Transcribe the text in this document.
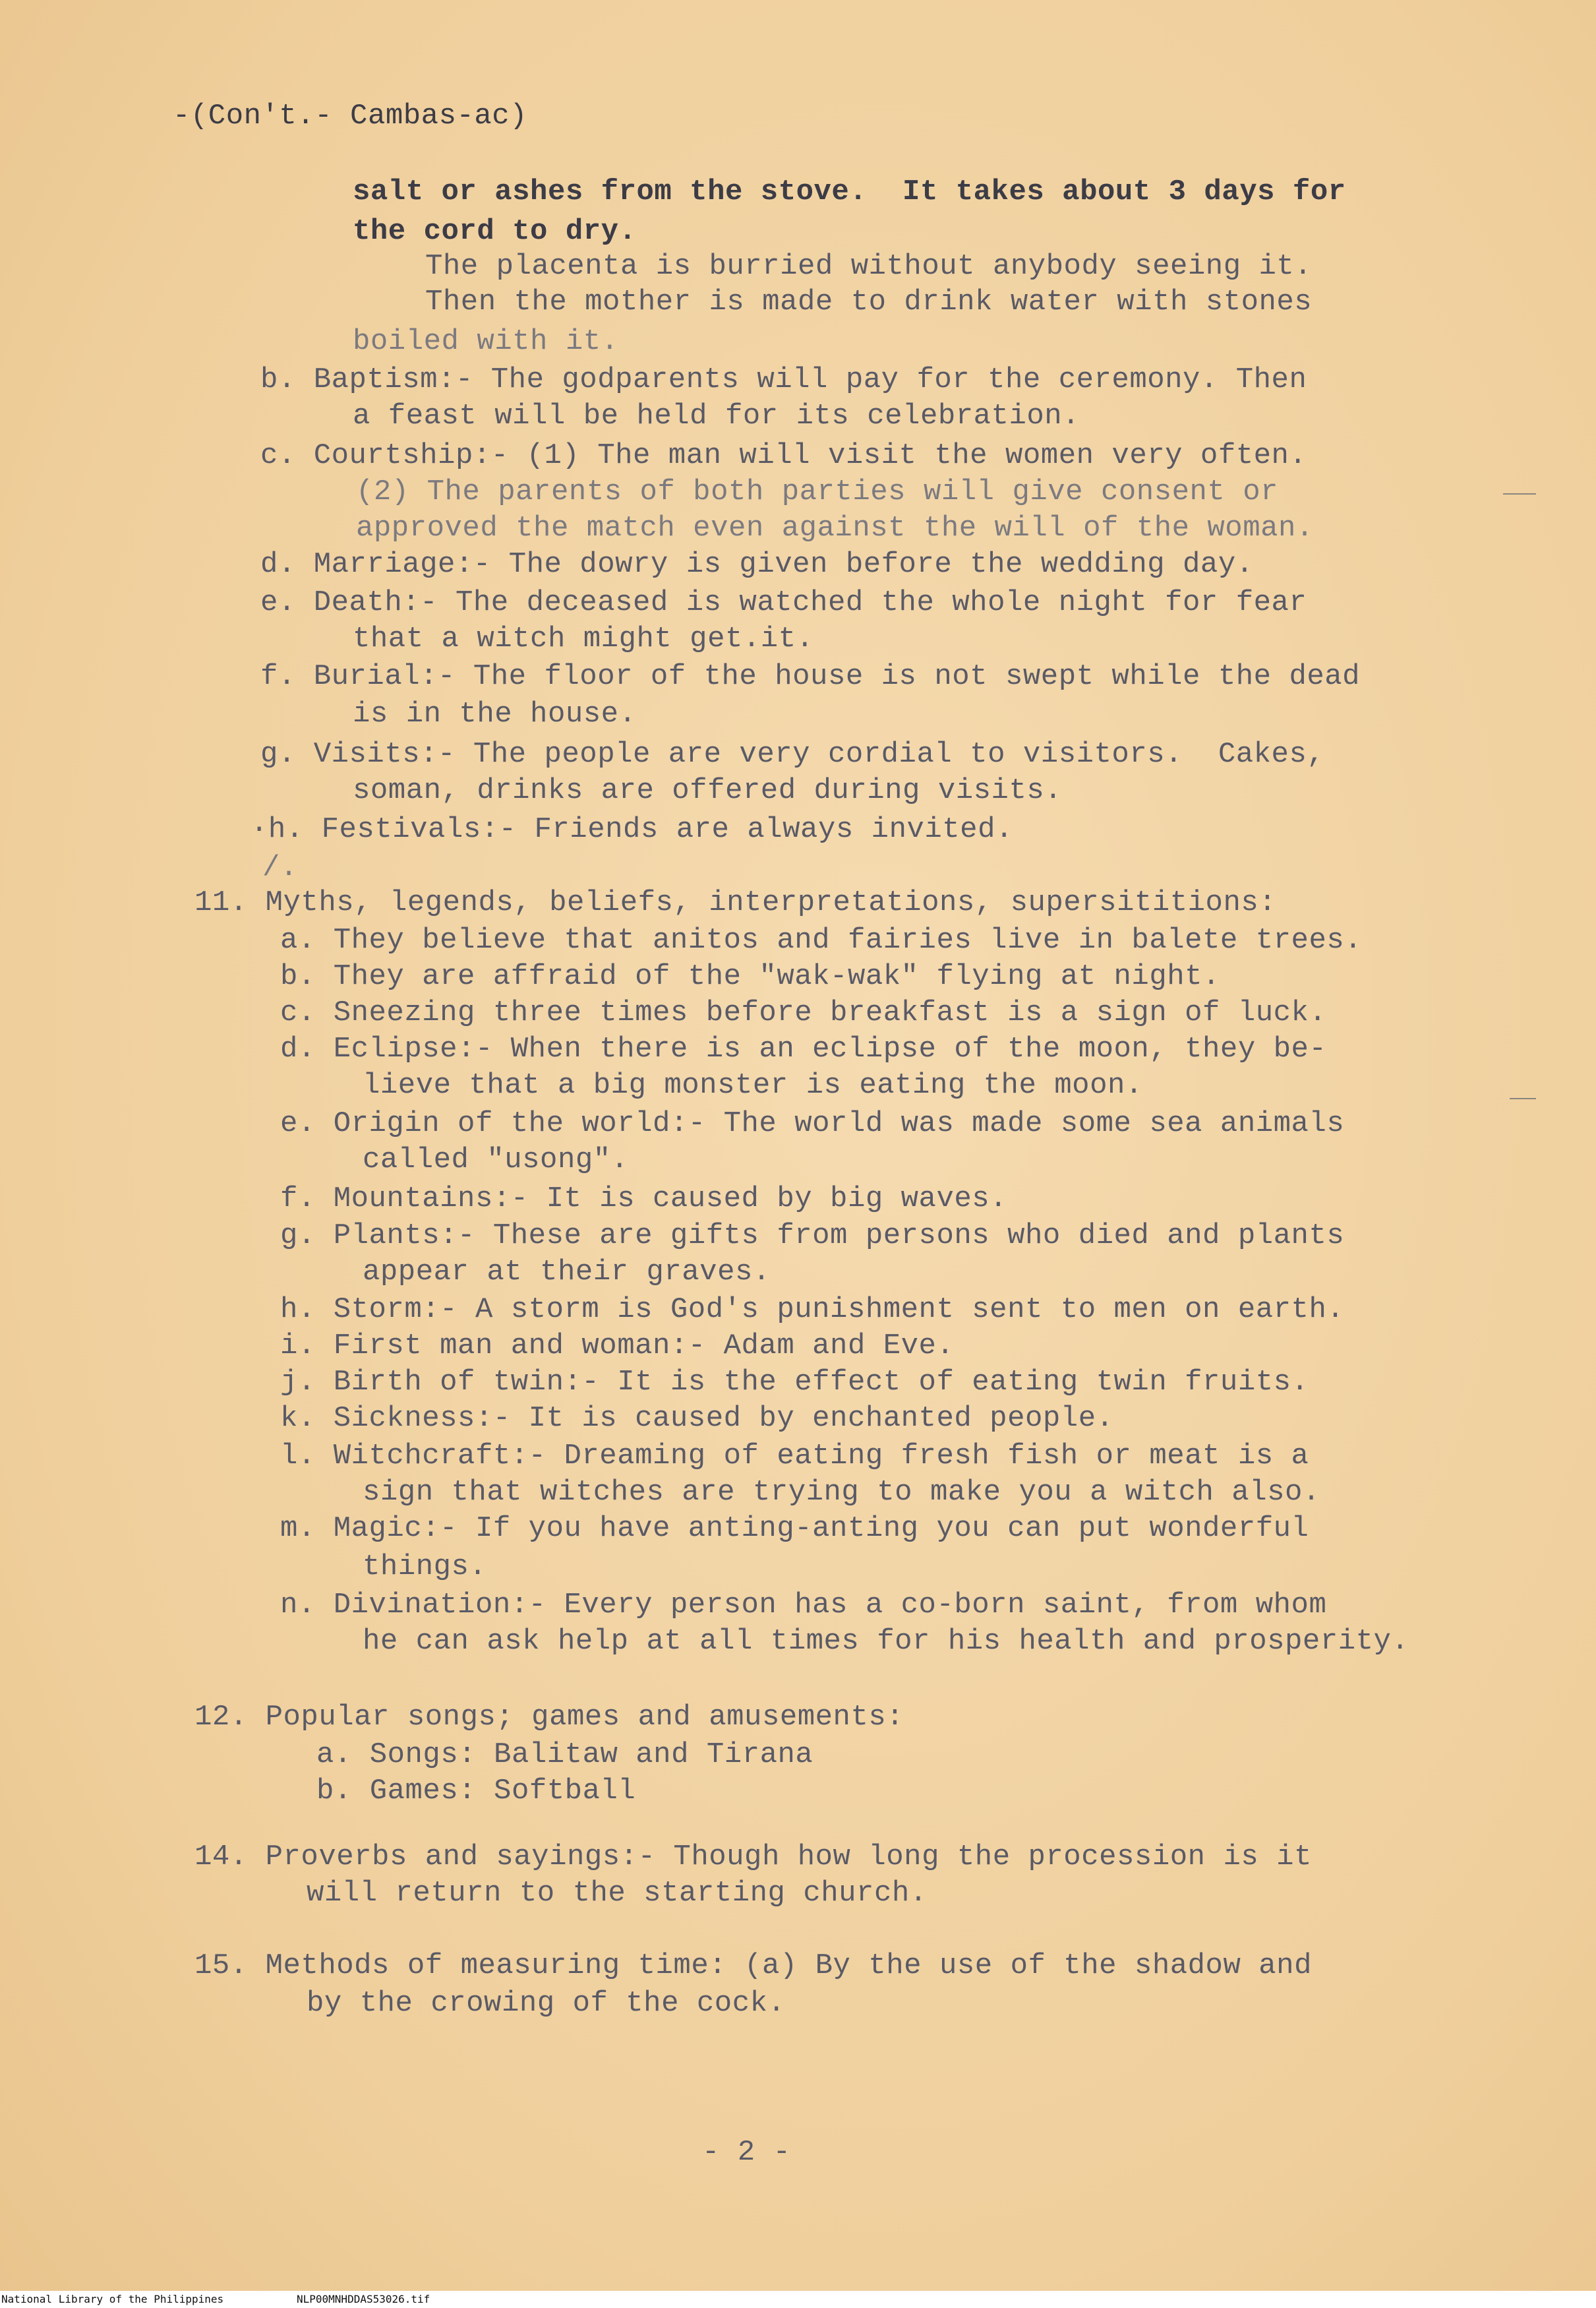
-(Con't.- Cambas-ac)
salt or ashes from the stove.  It takes about 3 days for
the cord to dry.
The placenta is burried without anybody seeing it.
Then the mother is made to drink water with stones
boiled with it.
b. Baptism:- The godparents will pay for the ceremony. Then
a feast will be held for its celebration.
c. Courtship:- (1) The man will visit the women very often.
(2) The parents of both parties will give consent or
approved the match even against the will of the woman.
d. Marriage:- The dowry is given before the wedding day.
e. Death:- The deceased is watched the whole night for fear
that a witch might get.it.
f. Burial:- The floor of the house is not swept while the dead
is in the house.
g. Visits:- The people are very cordial to visitors.  Cakes,
soman, drinks are offered during visits.
·h. Festivals:- Friends are always invited.
/.
11. Myths, legends, beliefs, interpretations, supersititions:
a. They believe that anitos and fairies live in balete trees.
b. They are affraid of the "wak-wak" flying at night.
c. Sneezing three times before breakfast is a sign of luck.
d. Eclipse:- When there is an eclipse of the moon, they be-
lieve that a big monster is eating the moon.
e. Origin of the world:- The world was made some sea animals
called "usong".
f. Mountains:- It is caused by big waves.
g. Plants:- These are gifts from persons who died and plants
appear at their graves.
h. Storm:- A storm is God's punishment sent to men on earth.
i. First man and woman:- Adam and Eve.
j. Birth of twin:- It is the effect of eating twin fruits.
k. Sickness:- It is caused by enchanted people.
l. Witchcraft:- Dreaming of eating fresh fish or meat is a
sign that witches are trying to make you a witch also.
m. Magic:- If you have anting-anting you can put wonderful
things.
n. Divination:- Every person has a co-born saint, from whom
he can ask help at all times for his health and prosperity.
12. Popular songs; games and amusements:
a. Songs: Balitaw and Tirana
b. Games: Softball
14. Proverbs and sayings:- Though how long the procession is it
will return to the starting church.
15. Methods of measuring time: (a) By the use of the shadow and
by the crowing of the cock.
- 2 -
National Library of the Philippines	NLP00MNHDDAS53026.tif
